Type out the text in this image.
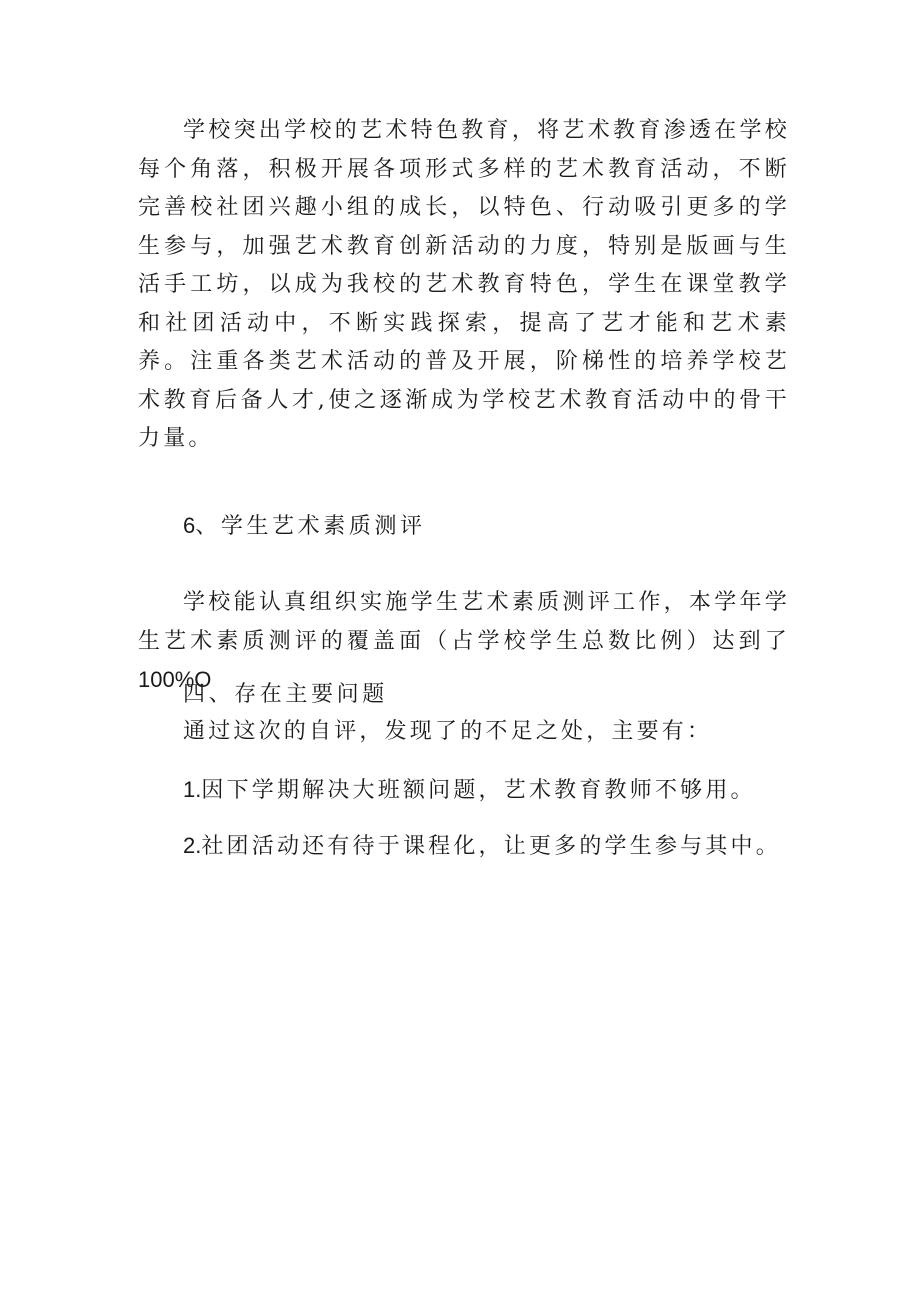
学校突出学校的艺术特色教育，将艺术教育渗透在学校每个角落，积极开展各项形式多样的艺术教育活动，不断完善校社团兴趣小组的成长，以特色、行动吸引更多的学生参与，加强艺术教育创新活动的力度，特别是版画与生活手工坊，以成为我校的艺术教育特色，学生在课堂教学和社团活动中，不断实践探索，提高了艺才能和艺术素养。注重各类艺术活动的普及开展，阶梯性的培养学校艺术教育后备人才,使之逐渐成为学校艺术教育活动中的骨干力量。

6、学生艺术素质测评

学校能认真组织实施学生艺术素质测评工作，本学年学生艺术素质测评的覆盖面（占学校学生总数比例）达到了 100%O

四、存在主要问题

通过这次的自评，发现了的不足之处，主要有：

1.因下学期解决大班额问题，艺术教育教师不够用。

2.社团活动还有待于课程化，让更多的学生参与其中。
